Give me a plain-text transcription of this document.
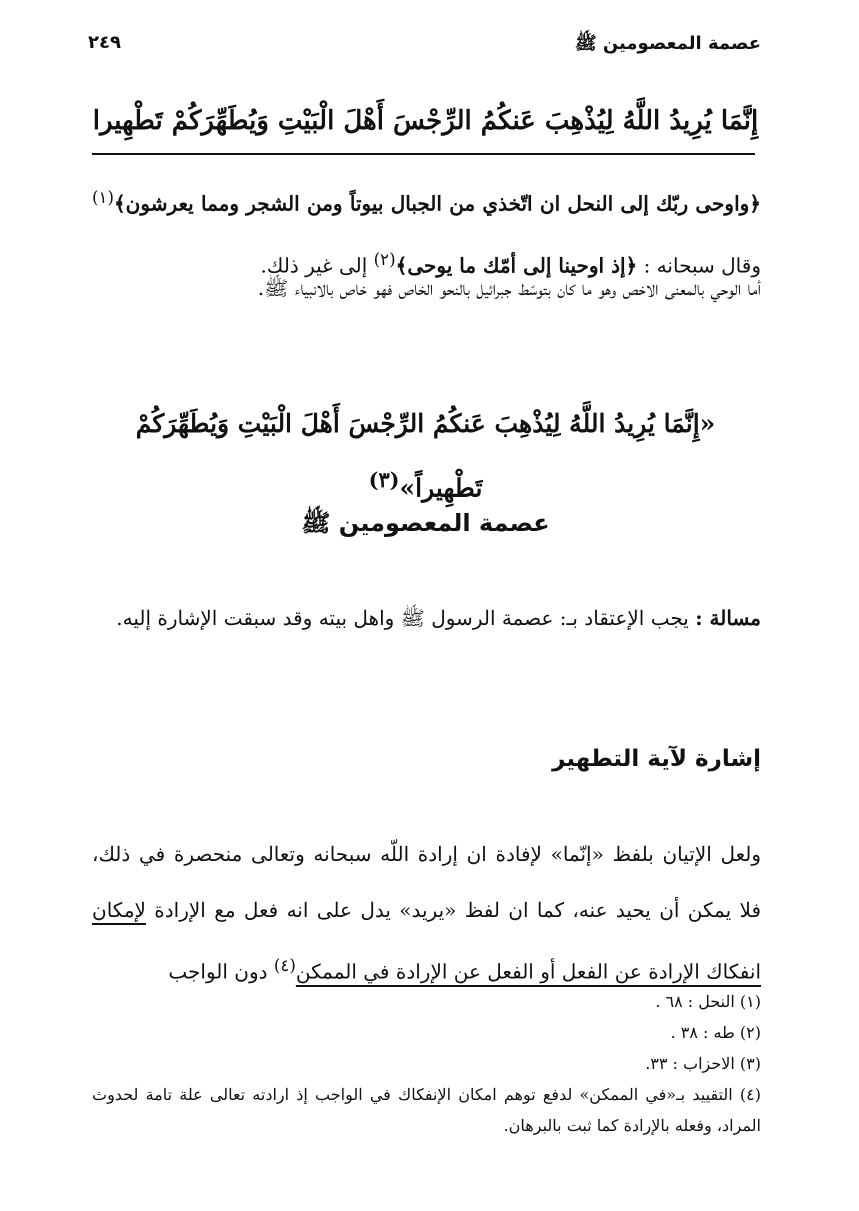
عصمة المعصومين ﷺ
٢٤٩
إِنَّمَا يُرِيدُ اللَّهُ لِيُذْهِبَ عَنكُمُ الرِّجْسَ أَهْلَ الْبَيْتِ وَيُطَهِّرَكُمْ تَطْهِيرا
﴿واوحى ربّك إلى النحل ان اتّخذي من الجبال بيوتاً ومن الشجر ومما يعرشون﴾$^{(١)}$ وقال سبحانه : ﴿إذ اوحينا إلى أمّك ما يوحى﴾$^{(٢)}$ إلى غير ذلك.
أما الوحي بالمعنى الاخص وهو ما كان بتوسّط جبرائيل بالنحو الخاص فهو خاص بالانبياء ﷺ.
«إِنَّمَا يُرِيدُ اللَّهُ لِيُذْهِبَ عَنكُمُ الرِّجْسَ أَهْلَ الْبَيْتِ وَيُطَهِّرَكُمْ تَطْهِيراً»$^{(٣)}$
عصمة المعصومين ﷺ
مسالة : يجب الإعتقاد بـ: عصمة الرسول ﷺ واهل بيته وقد سبقت الإشارة إليه.
إشارة لآية التطهير
ولعل الإتيان بلفظ «إنّما» لإفادة ان إرادة اللّه سبحانه وتعالى منحصرة في ذلك، فلا يمكن أن يحيد عنه، كما ان لفظ «يريد» يدل على انه فعل مع الإرادة لإمكان انفكاك الإرادة عن الفعل أو الفعل عن الإرادة في الممكن$^{(٤)}$ دون الواجب
(١) النحل : ٦٨ .
(٢) طه : ٣٨ .
(٣) الاحزاب : ٣٣.
(٤) التقييد بـ«في الممكن» لدفع توهم امكان الإنفكاك في الواجب إذ ارادته تعالى علة تامة لحدوث المراد، وفعله بالإرادة كما ثبت بالبرهان.
